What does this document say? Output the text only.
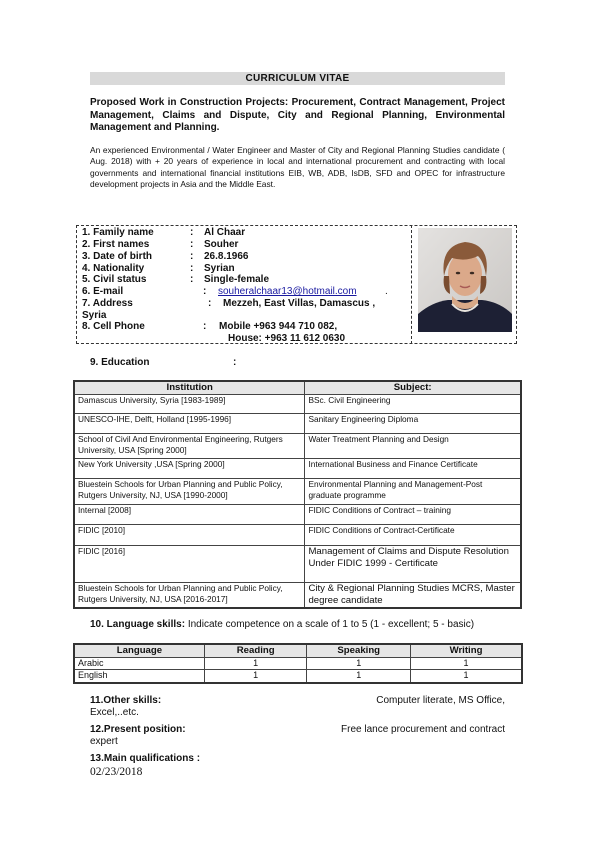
CURRICULUM VITAE
Proposed Work in Construction Projects: Procurement, Contract Management, Project Management, Claims and Dispute, City and Regional Planning, Environmental Management and Planning.
An experienced Environmental / Water Engineer and Master of City and Regional Planning Studies candidate ( Aug. 2018) with + 20 years of experience in local and international procurement and contracting with local governments and international financial institutions EIB, WB, ADB, IsDB, SFD and OPEC for infrastructure development projects in Asia and the Middle East.
1. Family name	: Al Chaar
2. First names	: Souher
3. Date of birth	: 26.8.1966
4. Nationality	: Syrian
5. Civil status	: Single-female
6. E-mail	: souheralchaar13@hotmail.com	.
7. Address	: Mezzeh, East Villas, Damascus ,
Syria
8. Cell Phone	: Mobile +963 944 710 082,
House: +963 11 612 0630
9. Education	:
Institution	Subject:
Damascus University, Syria [1983-1989]	BSc. Civil Engineering
UNESCO-IHE, Delft, Holland [1995-1996]	Sanitary Engineering Diploma
School of Civil And Environmental Engineering, Rutgers University, USA [Spring 2000]	Water Treatment Planning and Design
New York University ,USA [Spring 2000]	International Business and Finance Certificate
Bluestein Schools for Urban Planning and Public Policy, Rutgers University, NJ, USA [1990-2000]	Environmental Planning and Management-Post graduate programme
Internal [2008]	FIDIC Conditions of Contract – training
FIDIC [2010]	FIDIC Conditions of Contract-Certificate
FIDIC [2016]	Management of Claims and Dispute Resolution Under FIDIC 1999 - Certificate
Bluestein Schools for Urban Planning and Public Policy, Rutgers University, NJ, USA [2016-2017]	City & Regional Planning Studies MCRS, Master degree candidate
10. Language skills: Indicate competence on a scale of 1 to 5 (1 - excellent; 5 - basic)
Language	Reading	Speaking	Writing
Arabic	1	1	1
English	1	1	1
11.Other skills:	Computer literate, MS Office,
Excel,..etc.
12.Present position:	Free lance procurement and contract
expert
13.Main qualifications :
02/23/2018
